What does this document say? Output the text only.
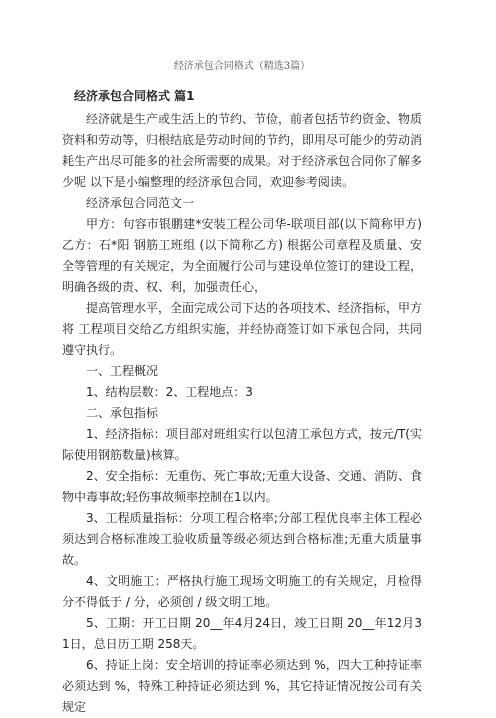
经济承包合同格式（精选3篇）
经济承包合同格式 篇1

经济就是生产或生活上的节约、节俭，前者包括节约资金、物质资料和劳动等，归根结底是劳动时间的节约，即用尽可能少的劳动消耗生产出尽可能多的社会所需要的成果。对于经济承包合同你了解多少呢 以下是小编整理的经济承包合同，欢迎参考阅读。

经济承包合同范文一

甲方：句容市银鹏建*安装工程公司华-联项目部(以下简称甲方) 乙方：石*阳 钢筋工班组 (以下简称乙方) 根据公司章程及质量、安全等管理的有关规定，为全面履行公司与建设单位签订的建设工程，明确各级的责、权、利，加强责任心，

提高管理水平，全面完成公司下达的各项技术、经济指标，甲方将 工程项目交给乙方组织实施，并经协商签订如下承包合同，共同遵守执行。

一、工程概况

1、结构层数：2、工程地点：3

二、承包指标

1、经济指标：项目部对班组实行以包清工承包方式，按元/T(实际使用钢筋数量)核算。

2、安全指标：无重伤、死亡事故;无重大设备、交通、消防、食物中毒事故;轻伤事故频率控制在1以内。

3、工程质量指标：分项工程合格率;分部工程优良率主体工程必须达到合格标准竣工验收质量等级必须达到合格标准;无重大质量事故。

4、文明施工：严格执行施工现场文明施工的有关规定，月检得分不得低于 / 分，必须创 / 级文明工地。

5、工期：开工日期 20__年4月24日，竣工日期 20__年12月31日，总日历工期 258天。

6、持证上岗：安全培训的持证率必须达到 %，四大工种持证率必须达到 %，特殊工种持证必须达到 %，其它持证情况按公司有关规定
